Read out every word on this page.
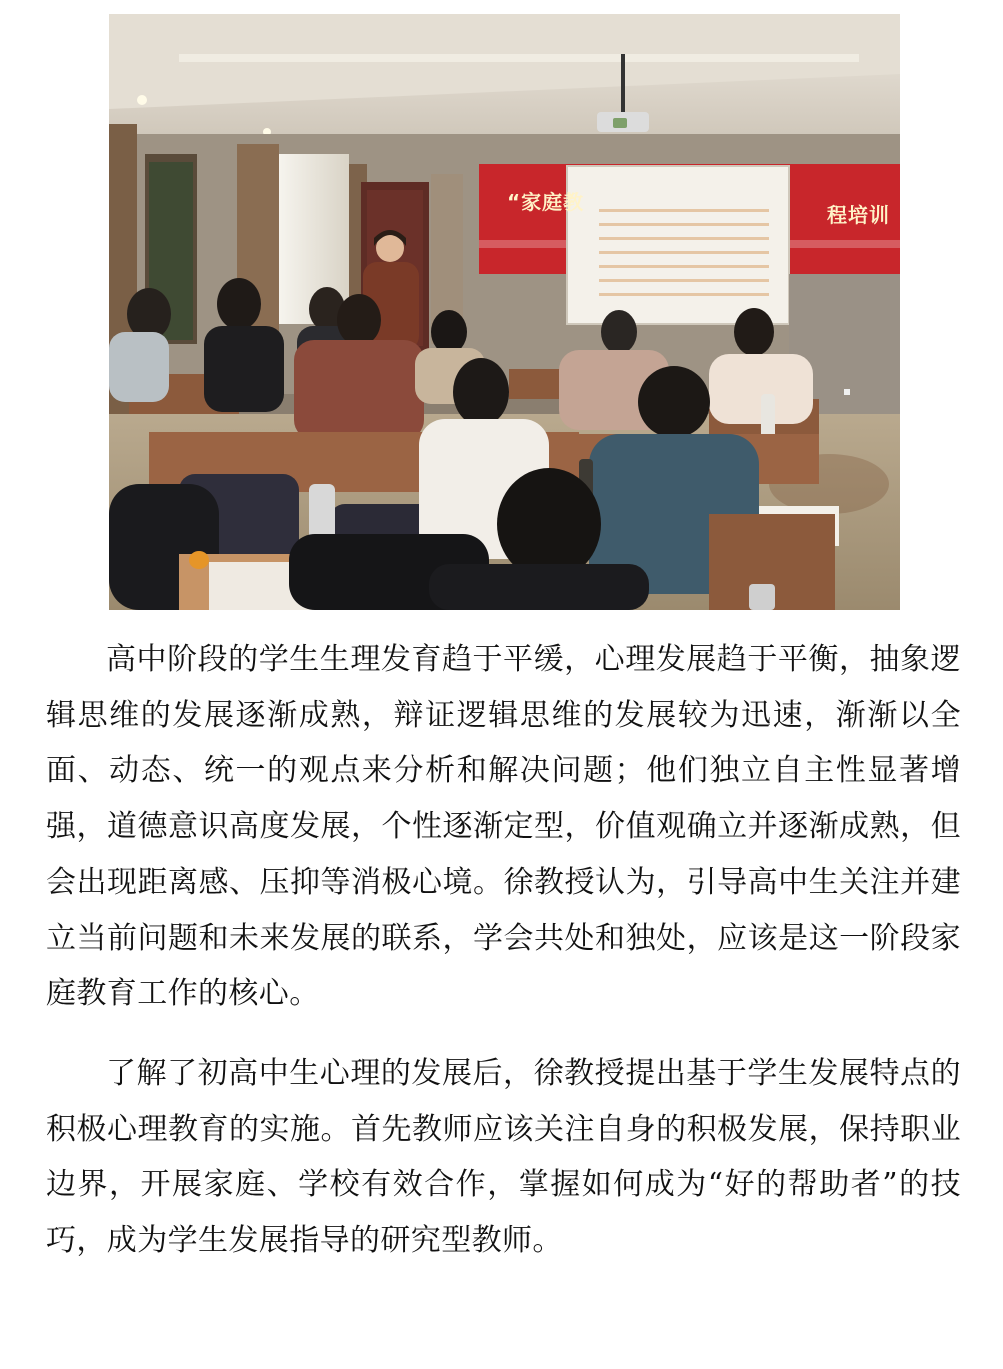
“家庭教
程培训

高中阶段的学生生理发育趋于平缓，心理发展趋于平衡，抽象逻辑思维的发展逐渐成熟，辩证逻辑思维的发展较为迅速，渐渐以全面、动态、统一的观点来分析和解决问题；他们独立自主性显著增强，道德意识高度发展，个性逐渐定型，价值观确立并逐渐成熟，但会出现距离感、压抑等消极心境。徐教授认为，引导高中生关注并建立当前问题和未来发展的联系，学会共处和独处，应该是这一阶段家庭教育工作的核心。

了解了初高中生心理的发展后，徐教授提出基于学生发展特点的积极心理教育的实施。首先教师应该关注自身的积极发展，保持职业边界，开展家庭、学校有效合作，掌握如何成为“好的帮助者”的技巧，成为学生发展指导的研究型教师。
